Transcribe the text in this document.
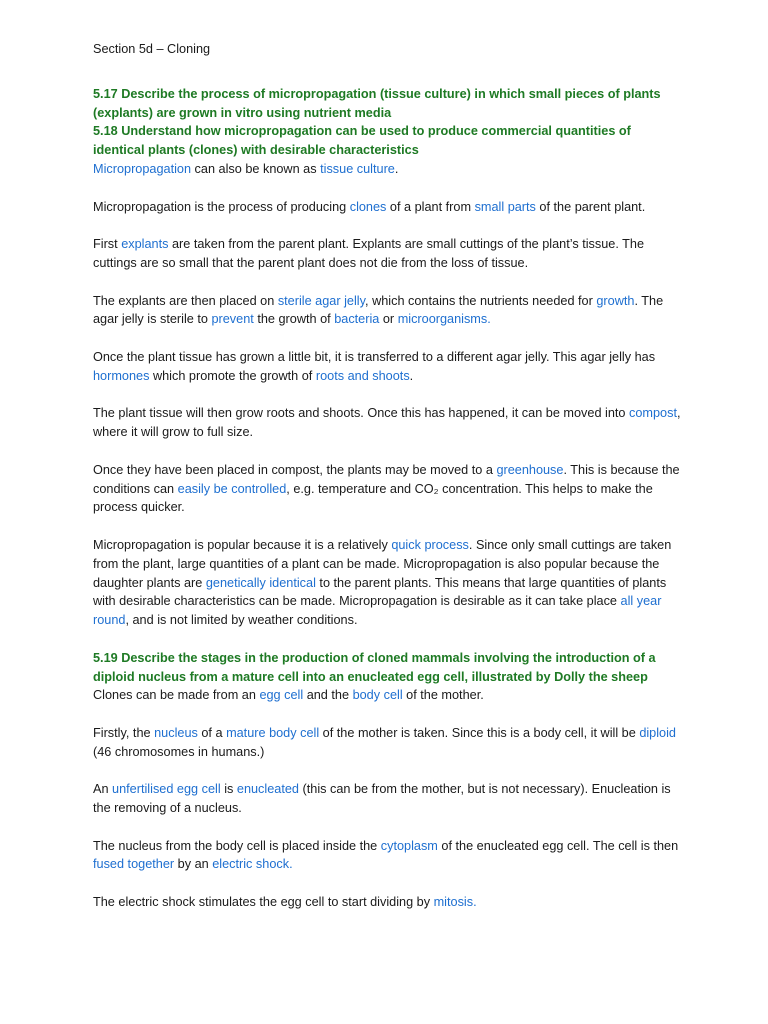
Section 5d – Cloning

5.17 Describe the process of micropropagation (tissue culture) in which small pieces of plants (explants) are grown in vitro using nutrient media

5.18 Understand how micropropagation can be used to produce commercial quantities of identical plants (clones) with desirable characteristics

Micropropagation can also be known as tissue culture.

Micropropagation is the process of producing clones of a plant from small parts of the parent plant.

First explants are taken from the parent plant. Explants are small cuttings of the plant’s tissue. The cuttings are so small that the parent plant does not die from the loss of tissue.

The explants are then placed on sterile agar jelly, which contains the nutrients needed for growth. The agar jelly is sterile to prevent the growth of bacteria or microorganisms.

Once the plant tissue has grown a little bit, it is transferred to a different agar jelly. This agar jelly has hormones which promote the growth of roots and shoots.

The plant tissue will then grow roots and shoots. Once this has happened, it can be moved into compost, where it will grow to full size.

Once they have been placed in compost, the plants may be moved to a greenhouse. This is because the conditions can easily be controlled, e.g. temperature and CO₂ concentration. This helps to make the process quicker.

Micropropagation is popular because it is a relatively quick process. Since only small cuttings are taken from the plant, large quantities of a plant can be made. Micropropagation is also popular because the daughter plants are genetically identical to the parent plants. This means that large quantities of plants with desirable characteristics can be made. Micropropagation is desirable as it can take place all year round, and is not limited by weather conditions.

5.19 Describe the stages in the production of cloned mammals involving the introduction of a diploid nucleus from a mature cell into an enucleated egg cell, illustrated by Dolly the sheep

Clones can be made from an egg cell and the body cell of the mother.

Firstly, the nucleus of a mature body cell of the mother is taken. Since this is a body cell, it will be diploid (46 chromosomes in humans.)

An unfertilised egg cell is enucleated (this can be from the mother, but is not necessary). Enucleation is the removing of a nucleus.

The nucleus from the body cell is placed inside the cytoplasm of the enucleated egg cell. The cell is then fused together by an electric shock.

The electric shock stimulates the egg cell to start dividing by mitosis.
